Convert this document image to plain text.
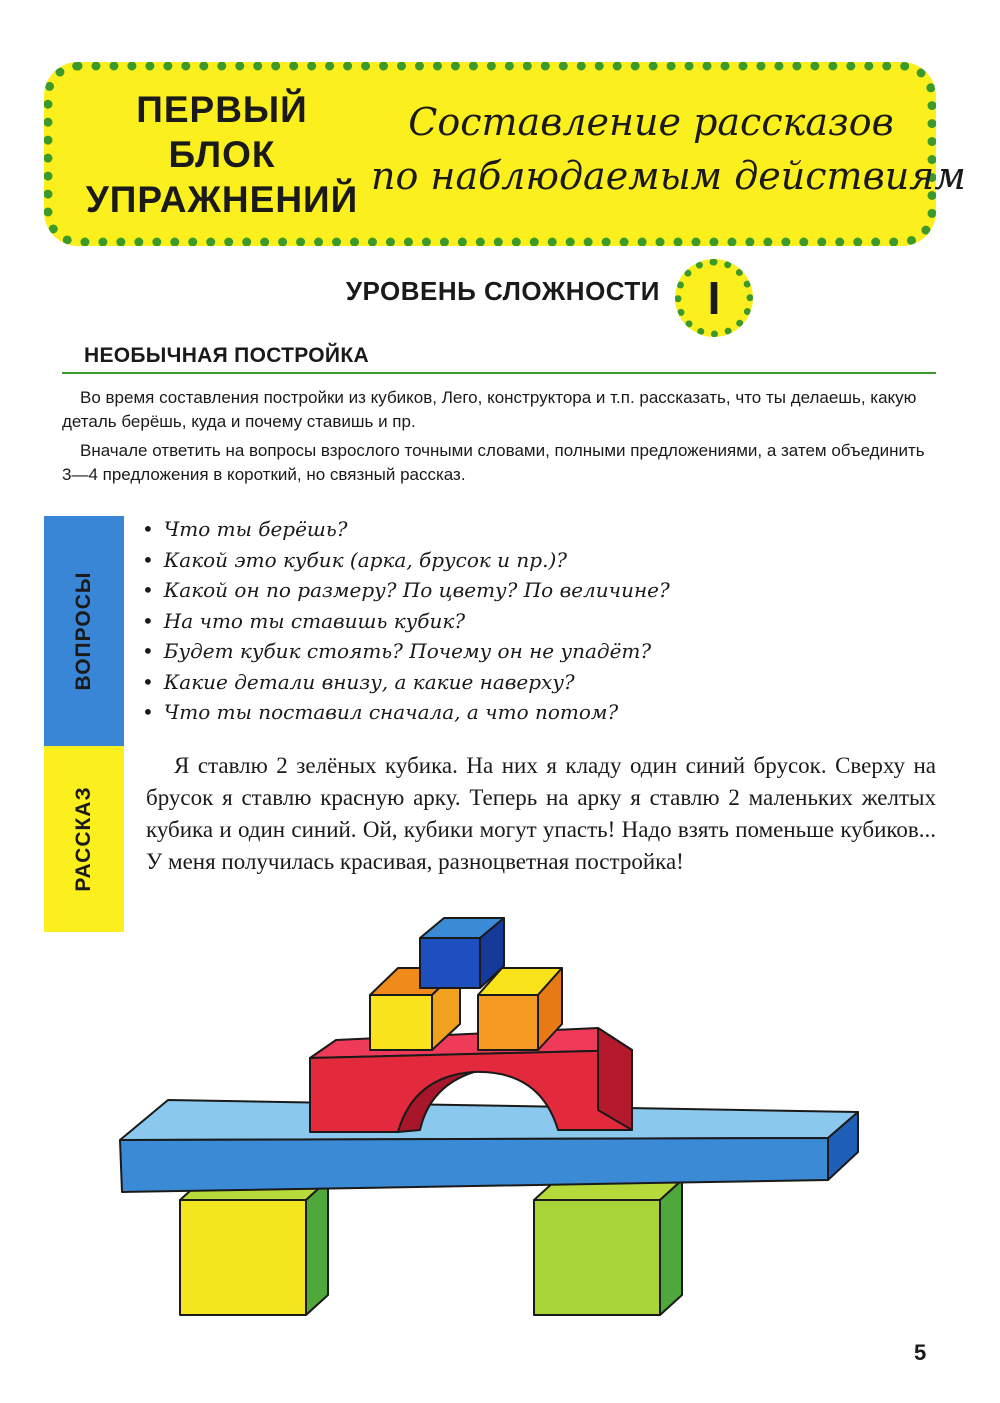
ПЕРВЫЙ
БЛОК
УПРАЖНЕНИЙ
Составление рассказов
по наблюдаемым действиям
УРОВЕНЬ СЛОЖНОСТИ	I
НЕОБЫЧНАЯ ПОСТРОЙКА

Во время составления постройки из кубиков, Лего, конструктора и т.п. рассказать, что ты делаешь, какую деталь берёшь, куда и почему ставишь и пр.

Вначале ответить на вопросы взрослого точными словами, полными предложениями, а затем объединить 3—4 предложения в короткий, но связный рассказ.

ВОПРОСЫ
РАССКАЗ
• Что ты берёшь?
• Какой это кубик (арка, брусок и пр.)?
• Какой он по размеру? По цвету? По величине?
• На что ты ставишь кубик?
• Будет кубик стоять? Почему он не упадёт?
• Какие детали внизу, а какие наверху?
• Что ты поставил сначала, а что потом?
Я ставлю 2 зелёных кубика. На них я кладу один синий брусок. Сверху на брусок я ставлю красную арку. Теперь на арку я ставлю 2 маленьких желтых кубика и один синий. Ой, кубики могут упасть! Надо взять поменьше кубиков... У меня получилась красивая, разноцветная постройка!
5
